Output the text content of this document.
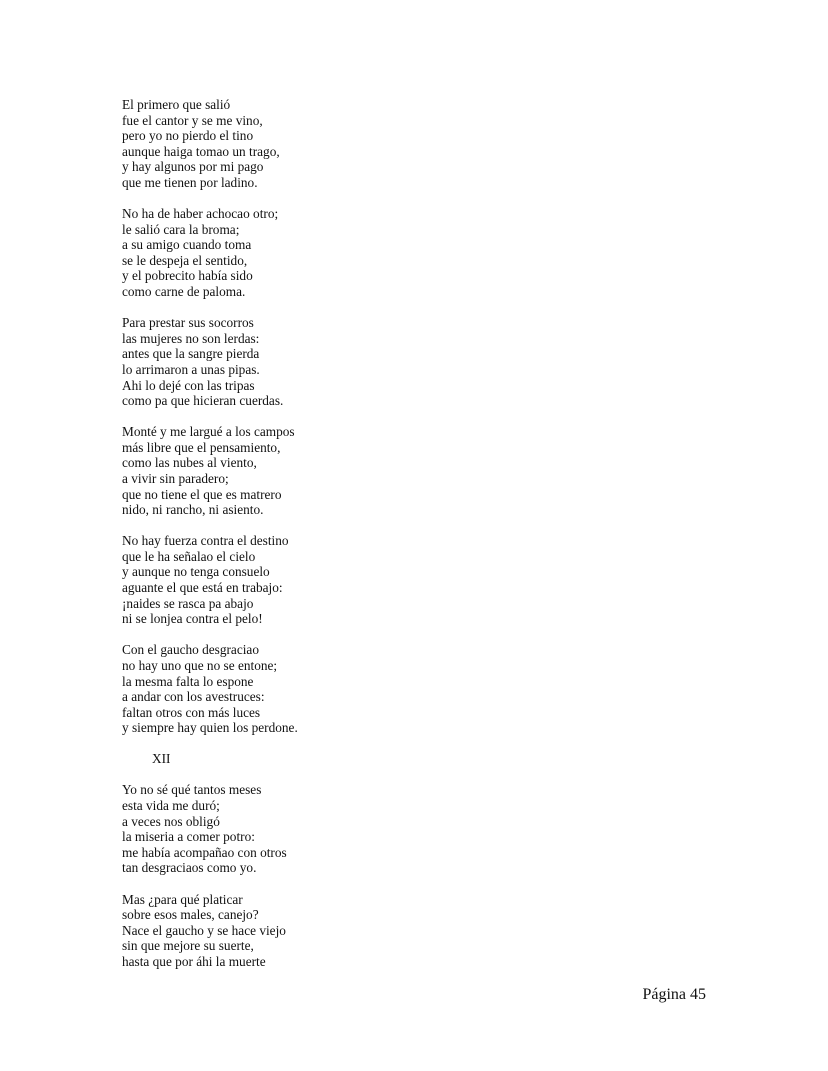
El primero que salió
fue el cantor y se me vino,
pero yo no pierdo el tino
aunque haiga tomao un trago,
y hay algunos por mi pago
que me tienen por ladino.
No ha de haber achocao otro;
le salió cara la broma;
a su amigo cuando toma
se le despeja el sentido,
y el pobrecito había sido
como carne de paloma.
Para prestar sus socorros
las mujeres no son lerdas:
antes que la sangre pierda
lo arrimaron a unas pipas.
Ahi lo dejé con las tripas
como pa que hicieran cuerdas.
Monté y me largué a los campos
más libre que el pensamiento,
como las nubes al viento,
a vivir sin paradero;
que no tiene el que es matrero
nido, ni rancho, ni asiento.
No hay fuerza contra el destino
que le ha señalao el cielo
y aunque no tenga consuelo
aguante el que está en trabajo:
¡naides se rasca pa abajo
ni se lonjea contra el pelo!
Con el gaucho desgraciao
no hay uno que no se entone;
la mesma falta lo espone
a andar con los avestruces:
faltan otros con más luces
y siempre hay quien los perdone.
XII
Yo no sé qué tantos meses
esta vida me duró;
a veces nos obligó
la miseria a comer potro:
me había acompañao con otros
tan desgraciaos como yo.
Mas ¿para qué platicar
sobre esos males, canejo?
Nace el gaucho y se hace viejo
sin que mejore su suerte,
hasta que por áhi la muerte
Página 45
